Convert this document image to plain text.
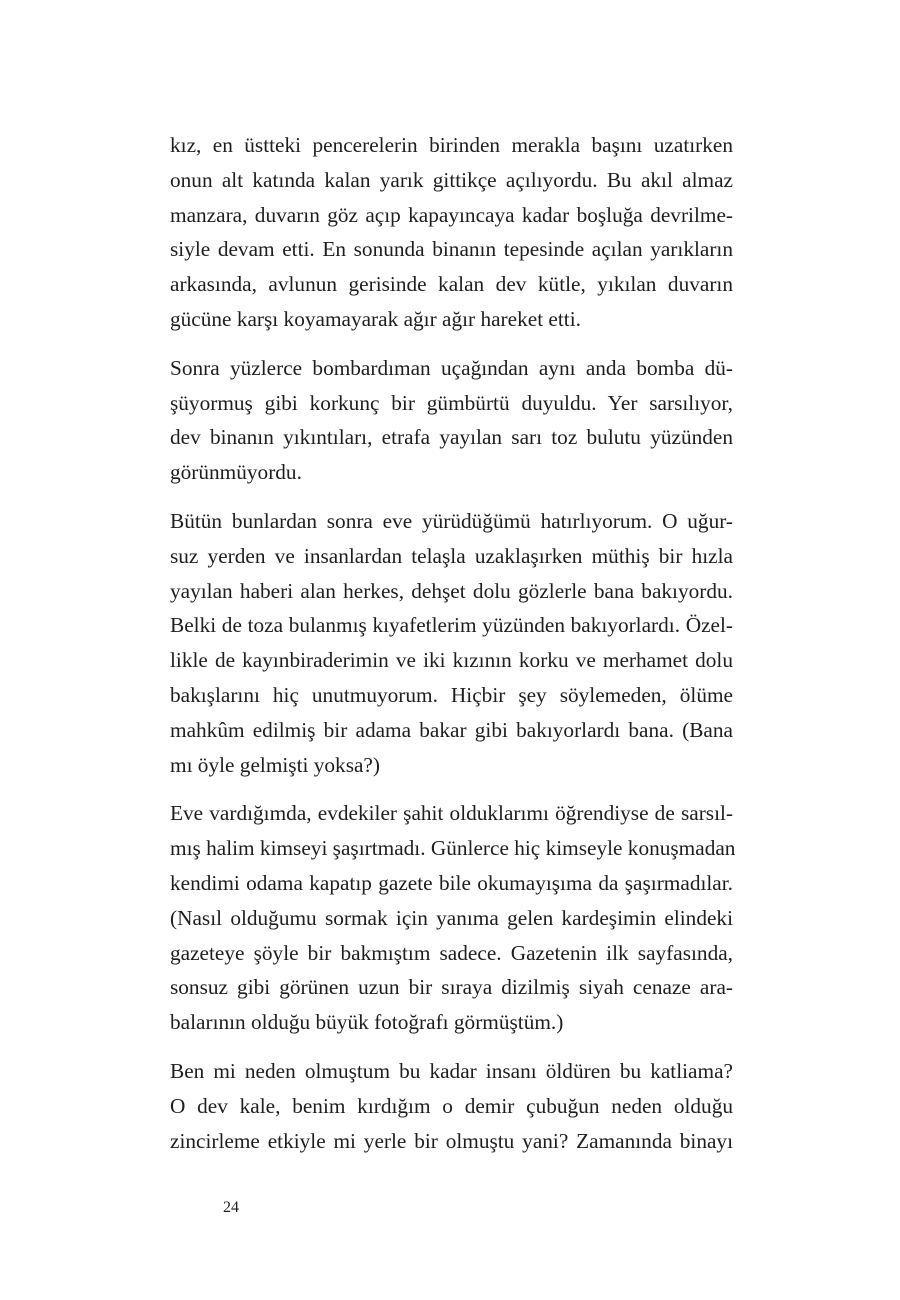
kız, en üstteki pencerelerin birinden merakla başını uzatırken
onun alt katında kalan yarık gittikçe açılıyordu. Bu akıl almaz
manzara, duvarın göz açıp kapayıncaya kadar boşluğa devrilme-
siyle devam etti. En sonunda binanın tepesinde açılan yarıkların
arkasında, avlunun gerisinde kalan dev kütle, yıkılan duvarın
gücüne karşı koyamayarak ağır ağır hareket etti.

Sonra yüzlerce bombardıman uçağından aynı anda bomba dü-
şüyormuş gibi korkunç bir gümbürtü duyuldu. Yer sarsılıyor,
dev binanın yıkıntıları, etrafa yayılan sarı toz bulutu yüzünden
görünmüyordu.

Bütün bunlardan sonra eve yürüdüğümü hatırlıyorum. O uğur-
suz yerden ve insanlardan telaşla uzaklaşırken müthiş bir hızla
yayılan haberi alan herkes, dehşet dolu gözlerle bana bakıyordu.
Belki de toza bulanmış kıyafetlerim yüzünden bakıyorlardı. Özel-
likle de kayınbiraderimin ve iki kızının korku ve merhamet dolu
bakışlarını hiç unutmuyorum. Hiçbir şey söylemeden, ölüme
mahkûm edilmiş bir adama bakar gibi bakıyorlardı bana. (Bana
mı öyle gelmişti yoksa?)

Eve vardığımda, evdekiler şahit olduklarımı öğrendiyse de sarsıl-
mış halim kimseyi şaşırtmadı. Günlerce hiç kimseyle konuşmadan
kendimi odama kapatıp gazete bile okumayışıma da şaşırmadılar.
(Nasıl olduğumu sormak için yanıma gelen kardeşimin elindeki
gazeteye şöyle bir bakmıştım sadece. Gazetenin ilk sayfasında,
sonsuz gibi görünen uzun bir sıraya dizilmiş siyah cenaze ara-
balarının olduğu büyük fotoğrafı görmüştüm.)

Ben mi neden olmuştum bu kadar insanı öldüren bu katliama?
O dev kale, benim kırdığım o demir çubuğun neden olduğu
zincirleme etkiyle mi yerle bir olmuştu yani? Zamanında binayı

24
